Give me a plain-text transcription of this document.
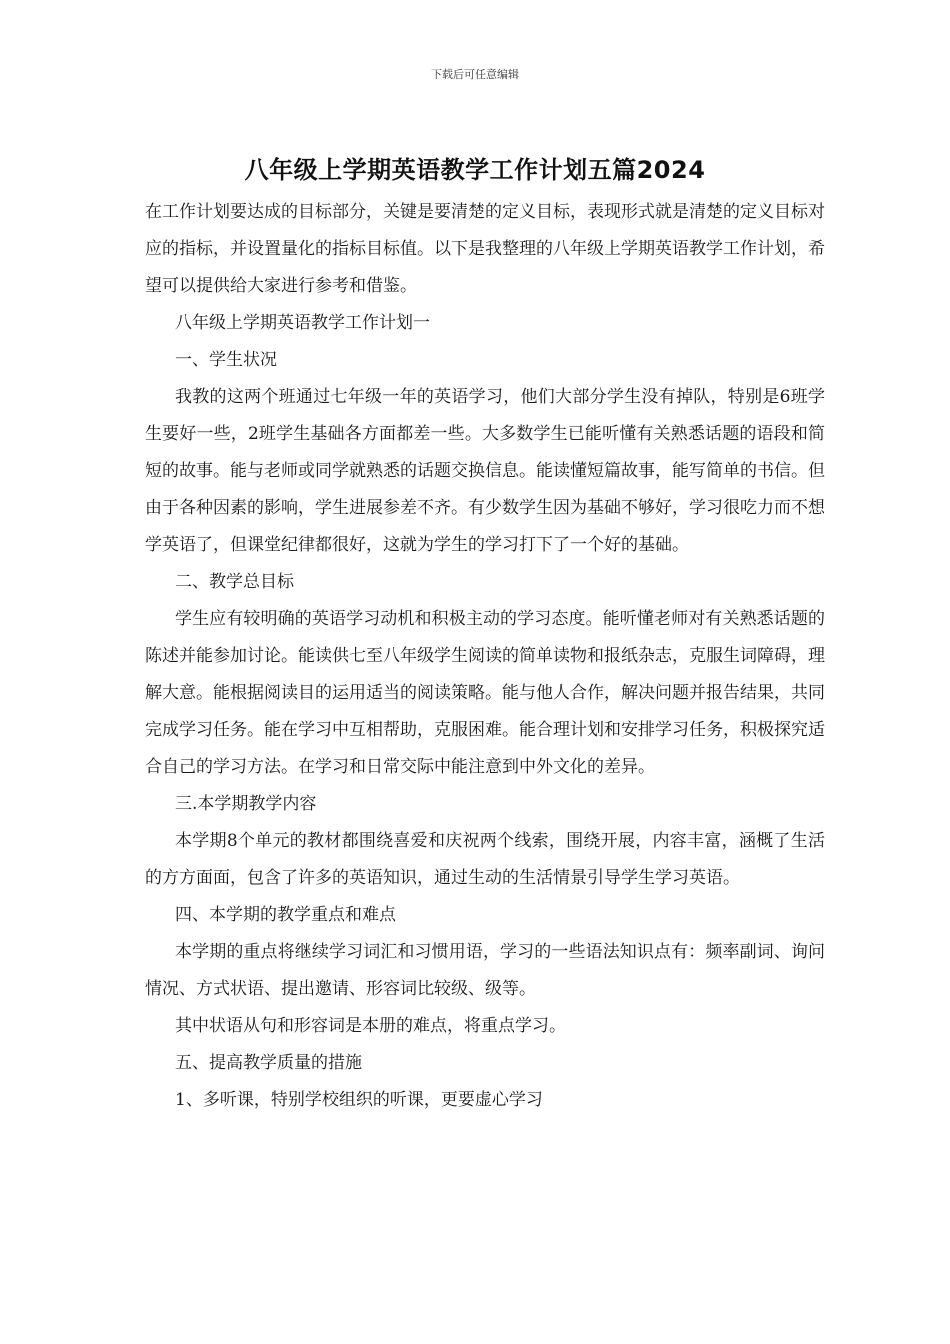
下载后可任意编辑
八年级上学期英语教学工作计划五篇2024

在工作计划要达成的目标部分，关键是要清楚的定义目标，表现形式就是清楚的定义目标对应的指标，并设置量化的指标目标值。以下是我整理的八年级上学期英语教学工作计划，希望可以提供给大家进行参考和借鉴。

八年级上学期英语教学工作计划一

一、学生状况

我教的这两个班通过七年级一年的英语学习，他们大部分学生没有掉队，特别是6班学生要好一些，2班学生基础各方面都差一些。大多数学生已能听懂有关熟悉话题的语段和简短的故事。能与老师或同学就熟悉的话题交换信息。能读懂短篇故事，能写简单的书信。但由于各种因素的影响，学生进展参差不齐。有少数学生因为基础不够好，学习很吃力而不想学英语了，但课堂纪律都很好，这就为学生的学习打下了一个好的基础。

二、教学总目标

学生应有较明确的英语学习动机和积极主动的学习态度。能听懂老师对有关熟悉话题的陈述并能参加讨论。能读供七至八年级学生阅读的简单读物和报纸杂志，克服生词障碍，理解大意。能根据阅读目的运用适当的阅读策略。能与他人合作，解决问题并报告结果，共同完成学习任务。能在学习中互相帮助，克服困难。能合理计划和安排学习任务，积极探究适合自己的学习方法。在学习和日常交际中能注意到中外文化的差异。

三.本学期教学内容

本学期8个单元的教材都围绕喜爱和庆祝两个线索，围绕开展，内容丰富，涵概了生活的方方面面，包含了许多的英语知识，通过生动的生活情景引导学生学习英语。

四、本学期的教学重点和难点

本学期的重点将继续学习词汇和习惯用语，学习的一些语法知识点有：频率副词、询问情况、方式状语、提出邀请、形容词比较级、级等。

其中状语从句和形容词是本册的难点，将重点学习。

五、提高教学质量的措施

1、多听课，特别学校组织的听课，更要虚心学习
